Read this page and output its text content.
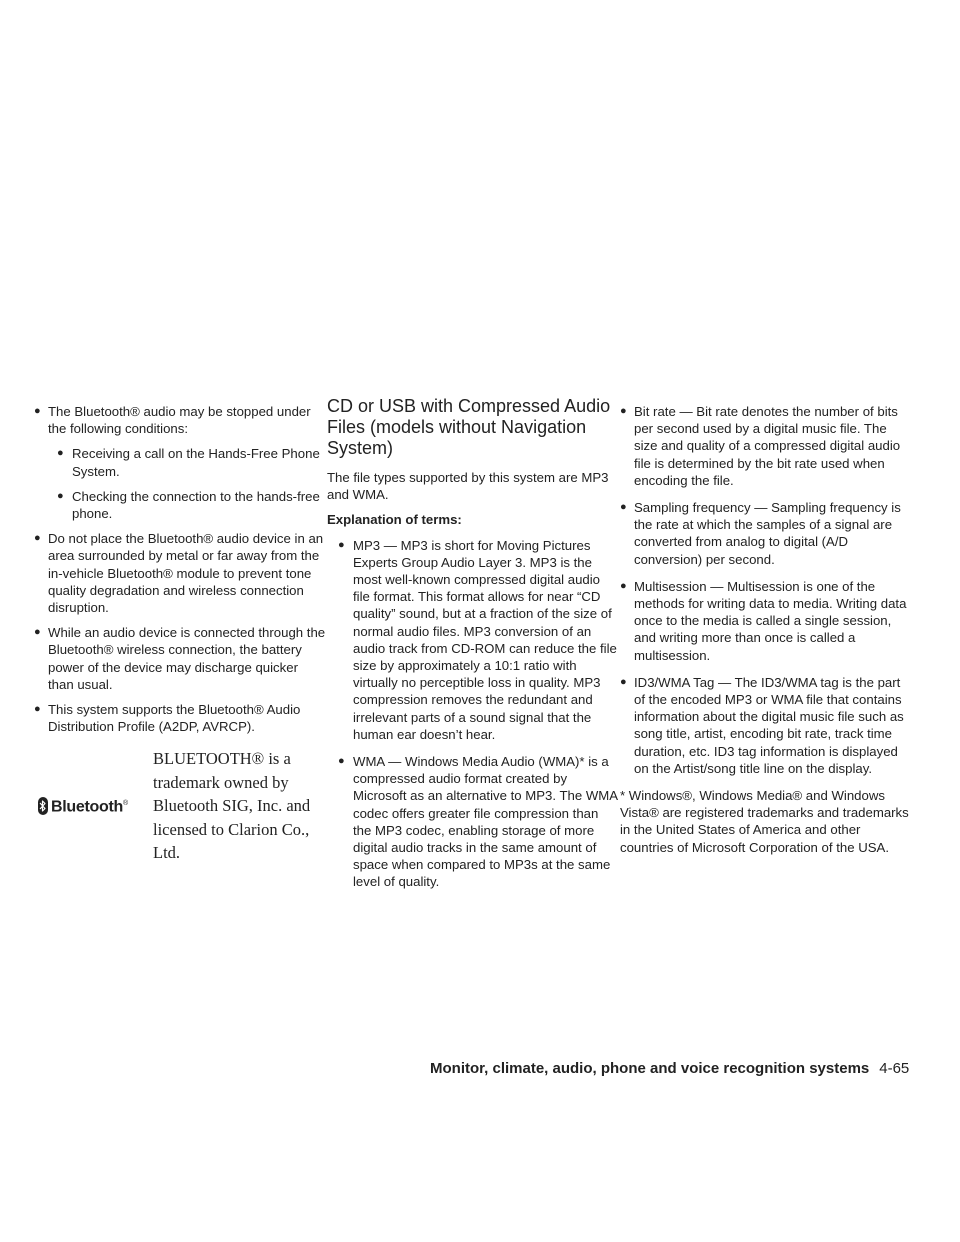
● The Bluetooth® audio may be stopped under the following conditions:
● Receiving a call on the Hands-Free Phone System.
● Checking the connection to the hands-free phone.
● Do not place the Bluetooth® audio device in an area surrounded by metal or far away from the in-vehicle Bluetooth® module to prevent tone quality degradation and wireless connection disruption.
● While an audio device is connected through the Bluetooth® wireless connection, the battery power of the device may discharge quicker than usual.
● This system supports the Bluetooth® Audio Distribution Profile (A2DP, AVRCP).
Bluetooth®
BLUETOOTH® is a trademark owned by Bluetooth SIG, Inc. and licensed to Clarion Co., Ltd.
CD or USB with Compressed Audio Files (models without Navigation System)

The file types supported by this system are MP3 and WMA.

Explanation of terms:

● MP3 — MP3 is short for Moving Pictures Experts Group Audio Layer 3. MP3 is the most well-known compressed digital audio file format. This format allows for near “CD quality” sound, but at a fraction of the size of normal audio files. MP3 conversion of an audio track from CD-ROM can reduce the file size by approximately a 10:1 ratio with virtually no perceptible loss in quality. MP3 compression removes the redundant and irrelevant parts of a sound signal that the human ear doesn’t hear.
● WMA — Windows Media Audio (WMA)* is a compressed audio format created by Microsoft as an alternative to MP3. The WMA codec offers greater file compression than the MP3 codec, enabling storage of more digital audio tracks in the same amount of space when compared to MP3s at the same level of quality.
● Bit rate — Bit rate denotes the number of bits per second used by a digital music file. The size and quality of a compressed digital audio file is determined by the bit rate used when encoding the file.
● Sampling frequency — Sampling frequency is the rate at which the samples of a signal are converted from analog to digital (A/D conversion) per second.
● Multisession — Multisession is one of the methods for writing data to media. Writing data once to the media is called a single session, and writing more than once is called a multisession.
● ID3/WMA Tag — The ID3/WMA tag is the part of the encoded MP3 or WMA file that contains information about the digital music file such as song title, artist, encoding bit rate, track time duration, etc. ID3 tag information is displayed on the Artist/song title line on the display.

* Windows®, Windows Media® and Windows Vista® are registered trademarks and trademarks in the United States of America and other countries of Microsoft Corporation of the USA.

Monitor, climate, audio, phone and voice recognition systems 4-65
